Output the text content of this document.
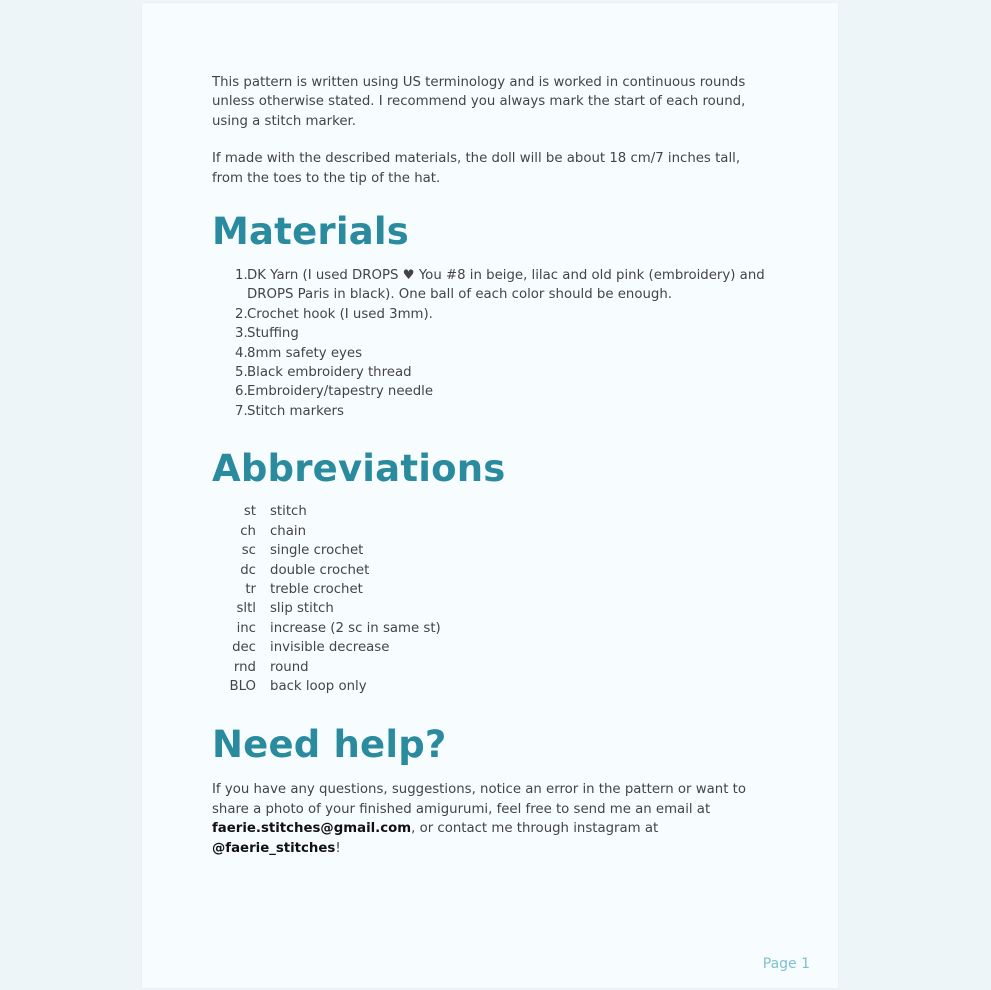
This pattern is written using US terminology and is worked in continuous rounds unless otherwise stated. I recommend you always mark the start of each round, using a stitch marker.

If made with the described materials, the doll will be about 18 cm/7 inches tall, from the toes to the tip of the hat.

Materials
1. DK Yarn (I used DROPS ♥ You #8 in beige, lilac and old pink (embroidery) and DROPS Paris in black). One ball of each color should be enough.
2. Crochet hook (I used 3mm).
3. Stuffing
4. 8mm safety eyes
5. Black embroidery thread
6. Embroidery/tapestry needle
7. Stitch markers
Abbreviations
st stitch
ch chain
sc single crochet
dc double crochet
tr treble crochet
sltl slip stitch
inc increase (2 sc in same st)
dec invisible decrease
rnd round
BLO back loop only
Need help?

If you have any questions, suggestions, notice an error in the pattern or want to share a photo of your finished amigurumi, feel free to send me an email at faerie.stitches@gmail.com, or contact me through instagram at @faerie_stitches!

Page 1
